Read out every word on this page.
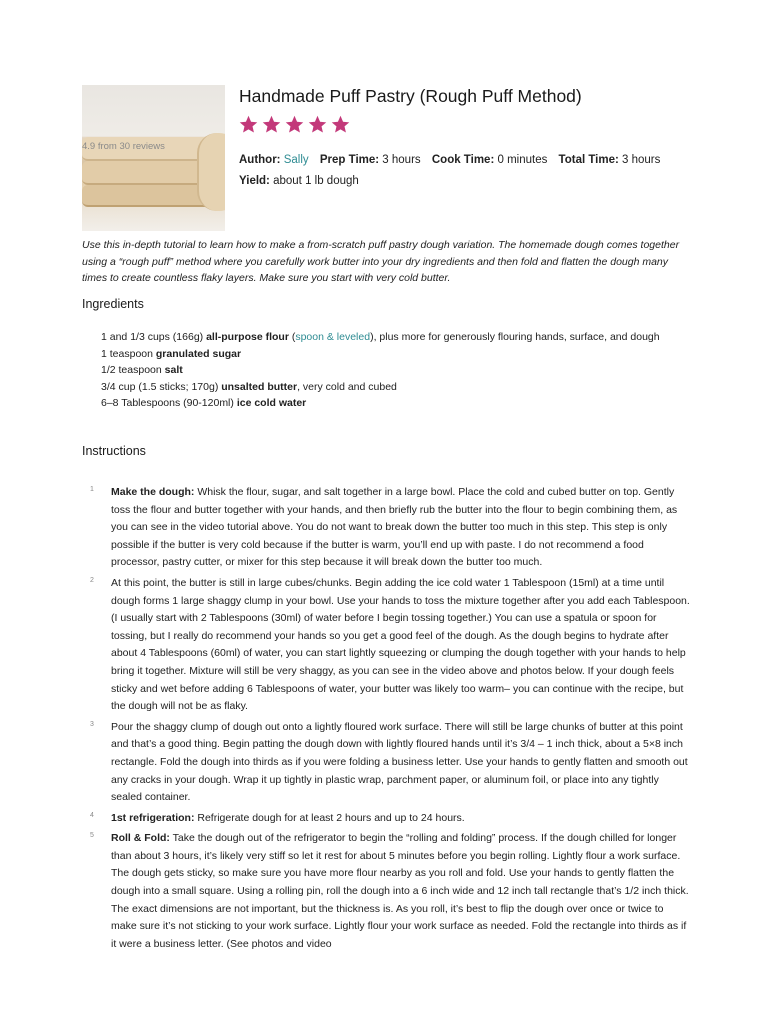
4.9 from 30 reviews
Handmade Puff Pastry (Rough Puff Method)
Author: Sally Prep Time: 3 hours Cook Time: 0 minutes Total Time: 3 hours
Yield: about 1 lb dough

Use this in-depth tutorial to learn how to make a from-scratch puff pastry dough variation. The homemade dough comes together using a “rough puff” method where you carefully work butter into your dry ingredients and then fold and flatten the dough many times to create countless flaky layers. Make sure you start with very cold butter.

Ingredients
1 and 1/3 cups (166g) all-purpose flour (spoon & leveled), plus more for generously flouring hands, surface, and dough
1 teaspoon granulated sugar
1/2 teaspoon salt
3/4 cup (1.5 sticks; 170g) unsalted butter, very cold and cubed
6–8 Tablespoons (90-120ml) ice cold water
Instructions
1 Make the dough: Whisk the flour, sugar, and salt together in a large bowl. Place the cold and cubed butter on top. Gently toss the flour and butter together with your hands, and then briefly rub the butter into the flour to begin combining them, as you can see in the video tutorial above. You do not want to break down the butter too much in this step. This step is only possible if the butter is very cold because if the butter is warm, you’ll end up with paste. I do not recommend a food processor, pastry cutter, or mixer for this step because it will break down the butter too much.
2 At this point, the butter is still in large cubes/chunks. Begin adding the ice cold water 1 Tablespoon (15ml) at a time until dough forms 1 large shaggy clump in your bowl. Use your hands to toss the mixture together after you add each Tablespoon. (I usually start with 2 Tablespoons (30ml) of water before I begin tossing together.) You can use a spatula or spoon for tossing, but I really do recommend your hands so you get a good feel of the dough. As the dough begins to hydrate after about 4 Tablespoons (60ml) of water, you can start lightly squeezing or clumping the dough together with your hands to help bring it together. Mixture will still be very shaggy, as you can see in the video above and photos below. If your dough feels sticky and wet before adding 6 Tablespoons of water, your butter was likely too warm– you can continue with the recipe, but the dough will not be as flaky.
3 Pour the shaggy clump of dough out onto a lightly floured work surface. There will still be large chunks of butter at this point and that’s a good thing. Begin patting the dough down with lightly floured hands until it’s 3/4 – 1 inch thick, about a 5×8 inch rectangle. Fold the dough into thirds as if you were folding a business letter. Use your hands to gently flatten and smooth out any cracks in your dough. Wrap it up tightly in plastic wrap, parchment paper, or aluminum foil, or place into any tightly sealed container.
4 1st refrigeration: Refrigerate dough for at least 2 hours and up to 24 hours.
5 Roll & Fold: Take the dough out of the refrigerator to begin the “rolling and folding” process. If the dough chilled for longer than about 3 hours, it’s likely very stiff so let it rest for about 5 minutes before you begin rolling. Lightly flour a work surface. The dough gets sticky, so make sure you have more flour nearby as you roll and fold. Use your hands to gently flatten the dough into a small square. Using a rolling pin, roll the dough into a 6 inch wide and 12 inch tall rectangle that’s 1/2 inch thick. The exact dimensions are not important, but the thickness is. As you roll, it’s best to flip the dough over once or twice to make sure it’s not sticking to your work surface. Lightly flour your work surface as needed. Fold the rectangle into thirds as if it were a business letter. (See photos and video
